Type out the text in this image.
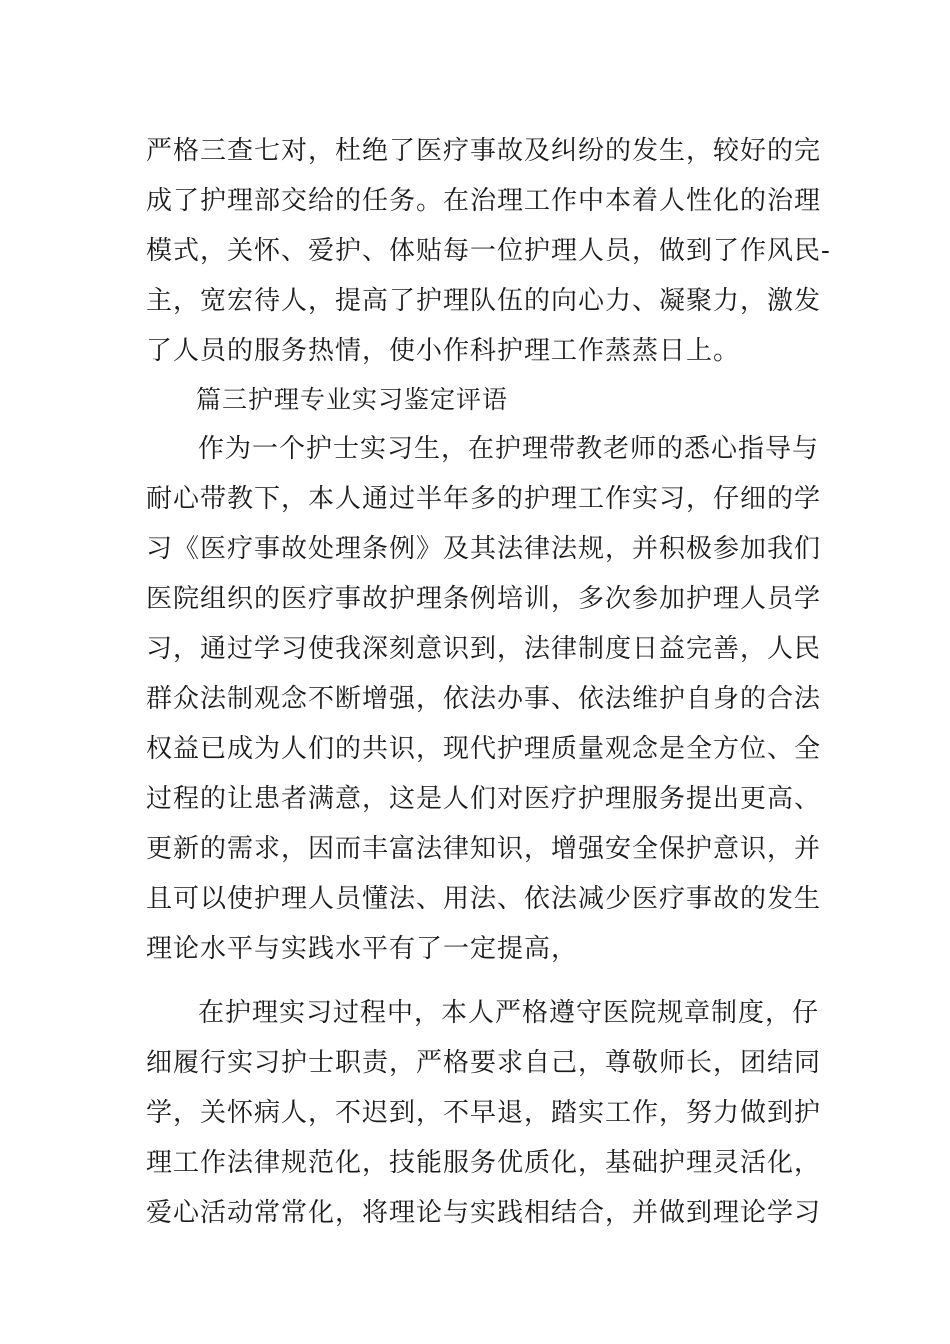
严格三查七对，杜绝了医疗事故及纠纷的发生，较好的完
成了护理部交给的任务。在治理工作中本着人性化的治理
模式，关怀、爱护、体贴每一位护理人员，做到了作风民-
主，宽宏待人，提高了护理队伍的向心力、凝聚力，激发
了人员的服务热情，使小作科护理工作蒸蒸日上。
篇三护理专业实习鉴定评语
作为一个护士实习生，在护理带教老师的悉心指导与
耐心带教下，本人通过半年多的护理工作实习，仔细的学
习《医疗事故处理条例》及其法律法规，并积极参加我们
医院组织的医疗事故护理条例培训，多次参加护理人员学
习，通过学习使我深刻意识到，法律制度日益完善，人民
群众法制观念不断增强，依法办事、依法维护自身的合法
权益已成为人们的共识，现代护理质量观念是全方位、全
过程的让患者满意，这是人们对医疗护理服务提出更高、
更新的需求，因而丰富法律知识，增强安全保护意识，并
且可以使护理人员懂法、用法、依法减少医疗事故的发生
理论水平与实践水平有了一定提高，
在护理实习过程中，本人严格遵守医院规章制度，仔
细履行实习护士职责，严格要求自己，尊敬师长，团结同
学，关怀病人，不迟到，不早退，踏实工作，努力做到护
理工作法律规范化，技能服务优质化，基础护理灵活化，
爱心活动常常化，将理论与实践相结合，并做到理论学习
